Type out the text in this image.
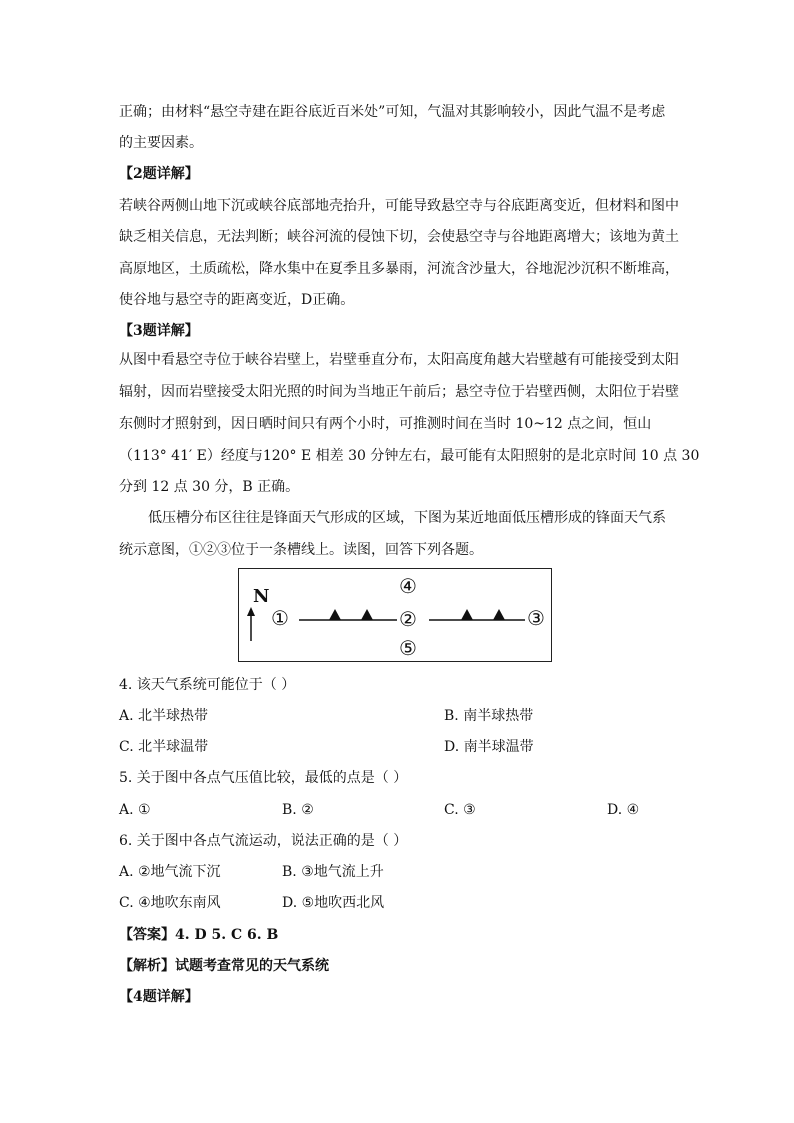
正确；由材料“悬空寺建在距谷底近百米处”可知，气温对其影响较小，因此气温不是考虑
的主要因素。
【2题详解】
若峡谷两侧山地下沉或峡谷底部地壳抬升，可能导致悬空寺与谷底距离变近，但材料和图中
缺乏相关信息，无法判断；峡谷河流的侵蚀下切，会使悬空寺与谷地距离增大；该地为黄土
高原地区，土质疏松，降水集中在夏季且多暴雨，河流含沙量大，谷地泥沙沉积不断堆高，
使谷地与悬空寺的距离变近，D正确。
【3题详解】
从图中看悬空寺位于峡谷岩壁上，岩壁垂直分布，太阳高度角越大岩壁越有可能接受到太阳
辐射，因而岩壁接受太阳光照的时间为当地正午前后；悬空寺位于岩壁西侧，太阳位于岩壁
东侧时才照射到，因日晒时间只有两个小时，可推测时间在当时 10~12 点之间，恒山
（113° 41′ E）经度与120° E 相差 30 分钟左右，最可能有太阳照射的是北京时间 10 点 30
分到 12 点 30 分，B 正确。
低压槽分布区往往是锋面天气形成的区域，下图为某近地面低压槽形成的锋面天气系
统示意图，①②③位于一条槽线上。读图，回答下列各题。
N
①
④
②
⑤
③
4. 该天气系统可能位于（ ）
A. 北半球热带	B. 南半球热带
C. 北半球温带	D. 南半球温带
5. 关于图中各点气压值比较，最低的点是（ ）
A. ①	B. ②	C. ③	D. ④
6. 关于图中各点气流运动，说法正确的是（ ）
A. ②地气流下沉	B. ③地气流上升
C. ④地吹东南风	D. ⑤地吹西北风
【答案】4. D 5. C 6. B
【解析】试题考查常见的天气系统
【4题详解】
